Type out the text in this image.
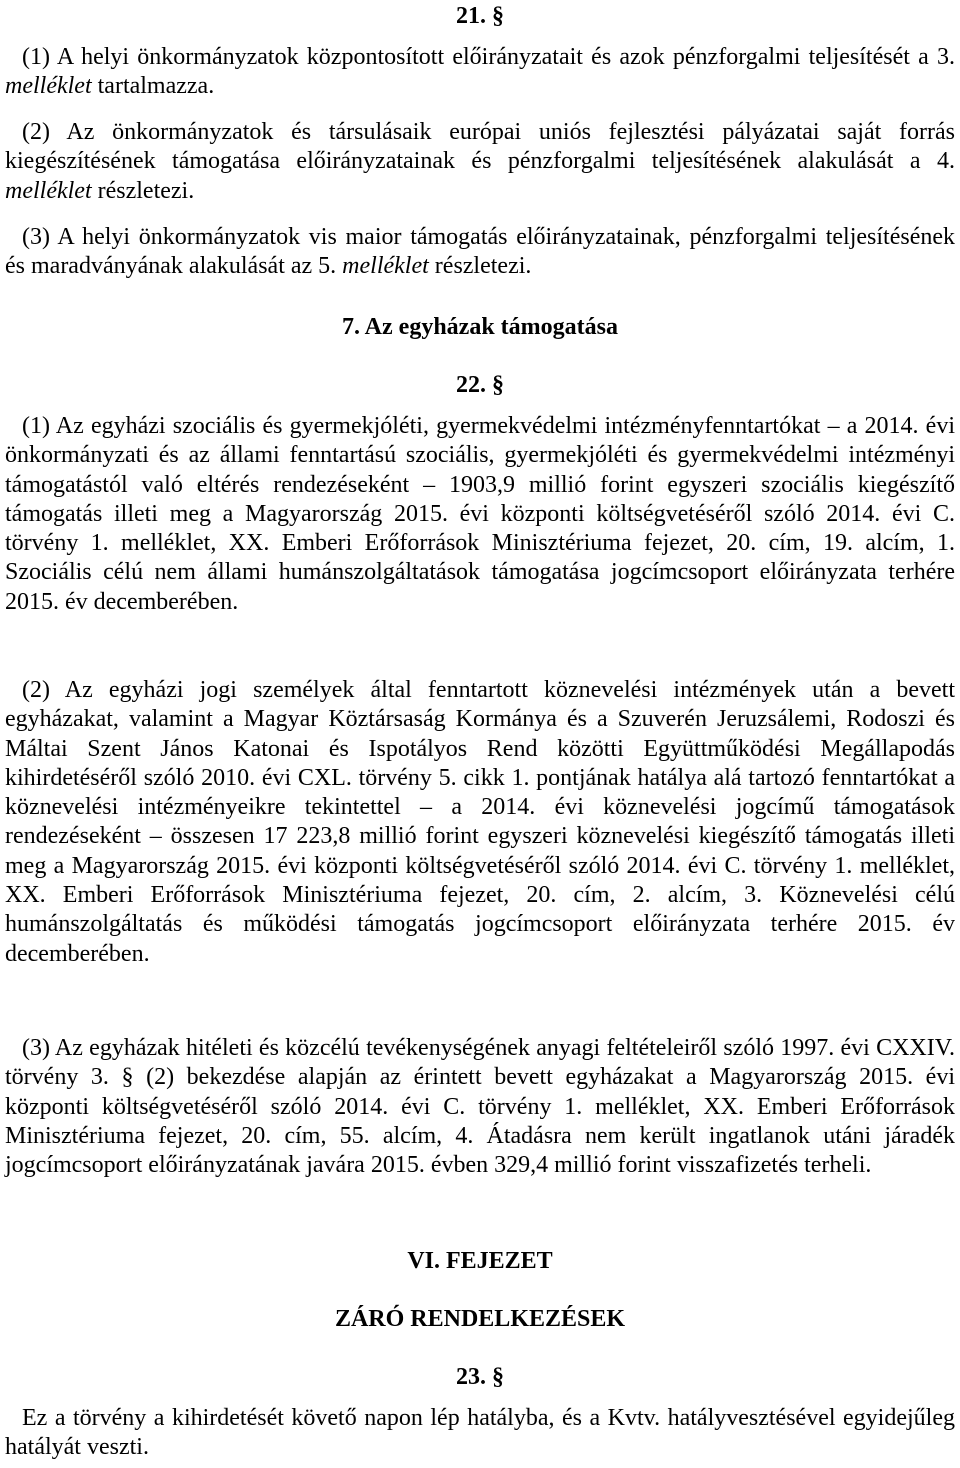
21. §

(1) A helyi önkormányzatok központosított előirányzatait és azok pénzforgalmi teljesítését a 3. melléklet tartalmazza.

(2) Az önkormányzatok és társulásaik európai uniós fejlesztési pályázatai saját forrás kiegészítésének támogatása előirányzatainak és pénzforgalmi teljesítésének alakulását a 4. melléklet részletezi.

(3) A helyi önkormányzatok vis maior támogatás előirányzatainak, pénzforgalmi teljesítésének és maradványának alakulását az 5. melléklet részletezi.

7. Az egyházak támogatása
22. §

(1) Az egyházi szociális és gyermekjóléti, gyermekvédelmi intézményfenntartókat – a 2014. évi önkormányzati és az állami fenntartású szociális, gyermekjóléti és gyermekvédelmi intézményi támogatástól való eltérés rendezéseként – 1903,9 millió forint egyszeri szociális kiegészítő támogatás illeti meg a Magyarország 2015. évi központi költségvetéséről szóló 2014. évi C. törvény 1. melléklet, XX. Emberi Erőforrások Minisztériuma fejezet, 20. cím, 19. alcím, 1. Szociális célú nem állami humánszolgáltatások támogatása jogcímcsoport előirányzata terhére 2015. év decemberében.

(2) Az egyházi jogi személyek által fenntartott köznevelési intézmények után a bevett egyházakat, valamint a Magyar Köztársaság Kormánya és a Szuverén Jeruzsálemi, Rodoszi és Máltai Szent János Katonai és Ispotályos Rend közötti Együttműködési Megállapodás kihirdetéséről szóló 2010. évi CXL. törvény 5. cikk 1. pontjának hatálya alá tartozó fenntartókat a köznevelési intézményeikre tekintettel – a 2014. évi köznevelési jogcímű támogatások rendezéseként – összesen 17 223,8 millió forint egyszeri köznevelési kiegészítő támogatás illeti meg a Magyarország 2015. évi központi költségvetéséről szóló 2014. évi C. törvény 1. melléklet, XX. Emberi Erőforrások Minisztériuma fejezet, 20. cím, 2. alcím, 3. Köznevelési célú humánszolgáltatás és működési támogatás jogcímcsoport előirányzata terhére 2015. év decemberében.

(3) Az egyházak hitéleti és közcélú tevékenységének anyagi feltételeiről szóló 1997. évi CXXIV. törvény 3. § (2) bekezdése alapján az érintett bevett egyházakat a Magyarország 2015. évi központi költségvetéséről szóló 2014. évi C. törvény 1. melléklet, XX. Emberi Erőforrások Minisztériuma fejezet, 20. cím, 55. alcím, 4. Átadásra nem került ingatlanok utáni járadék jogcímcsoport előirányzatának javára 2015. évben 329,4 millió forint visszafizetés terheli.

VI. FEJEZET
ZÁRÓ RENDELKEZÉSEK
23. §

Ez a törvény a kihirdetését követő napon lép hatályba, és a Kvtv. hatályvesztésével egyidejűleg hatályát veszti.
